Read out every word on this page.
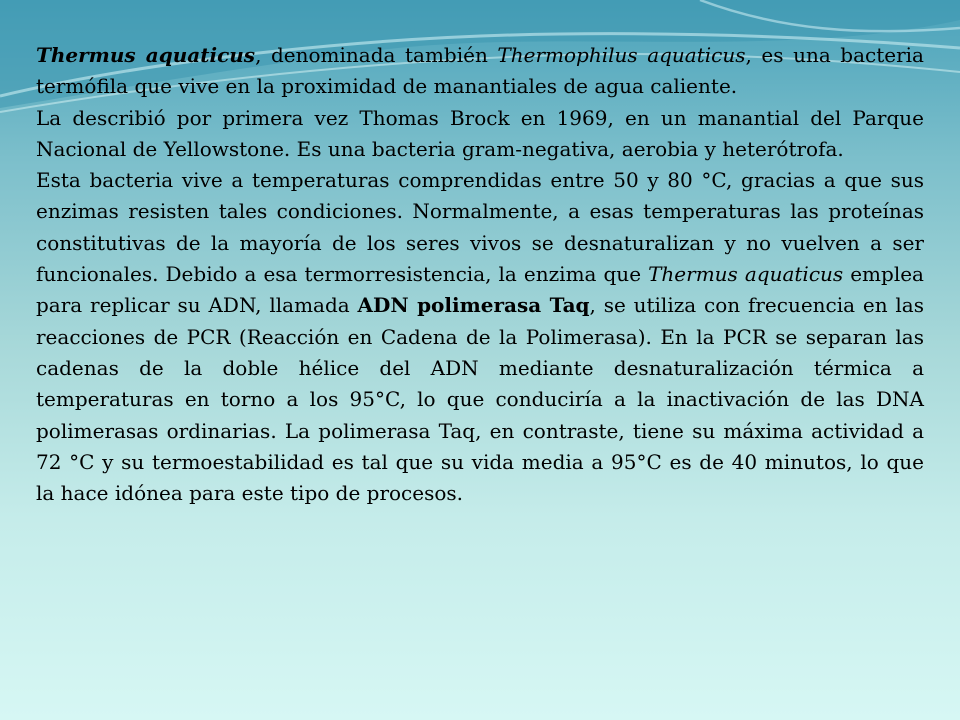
Thermus aquaticus, denominada también Thermophilus aquaticus, es una bacteria termófila que vive en la proximidad de manantiales de agua caliente.

La describió por primera vez Thomas Brock en 1969, en un manantial del Parque Nacional de Yellowstone. Es una bacteria gram-negativa, aerobia y heterótrofa.

Esta bacteria vive a temperaturas comprendidas entre 50 y 80 °C, gracias a que sus enzimas resisten tales condiciones. Normalmente, a esas temperaturas las proteínas constitutivas de la mayoría de los seres vivos se desnaturalizan y no vuelven a ser funcionales. Debido a esa termorresistencia, la enzima que Thermus aquaticus emplea para replicar su ADN, llamada ADN polimerasa Taq, se utiliza con frecuencia en las reacciones de PCR (Reacción en Cadena de la Polimerasa). En la PCR se separan las cadenas de la doble hélice del ADN mediante desnaturalización térmica a temperaturas en torno a los 95°C, lo que conduciría a la inactivación de las DNA polimerasas ordinarias. La polimerasa Taq, en contraste, tiene su máxima actividad a 72 °C y su termoestabilidad es tal que su vida media a 95°C es de 40 minutos, lo que la hace idónea para este tipo de procesos.
